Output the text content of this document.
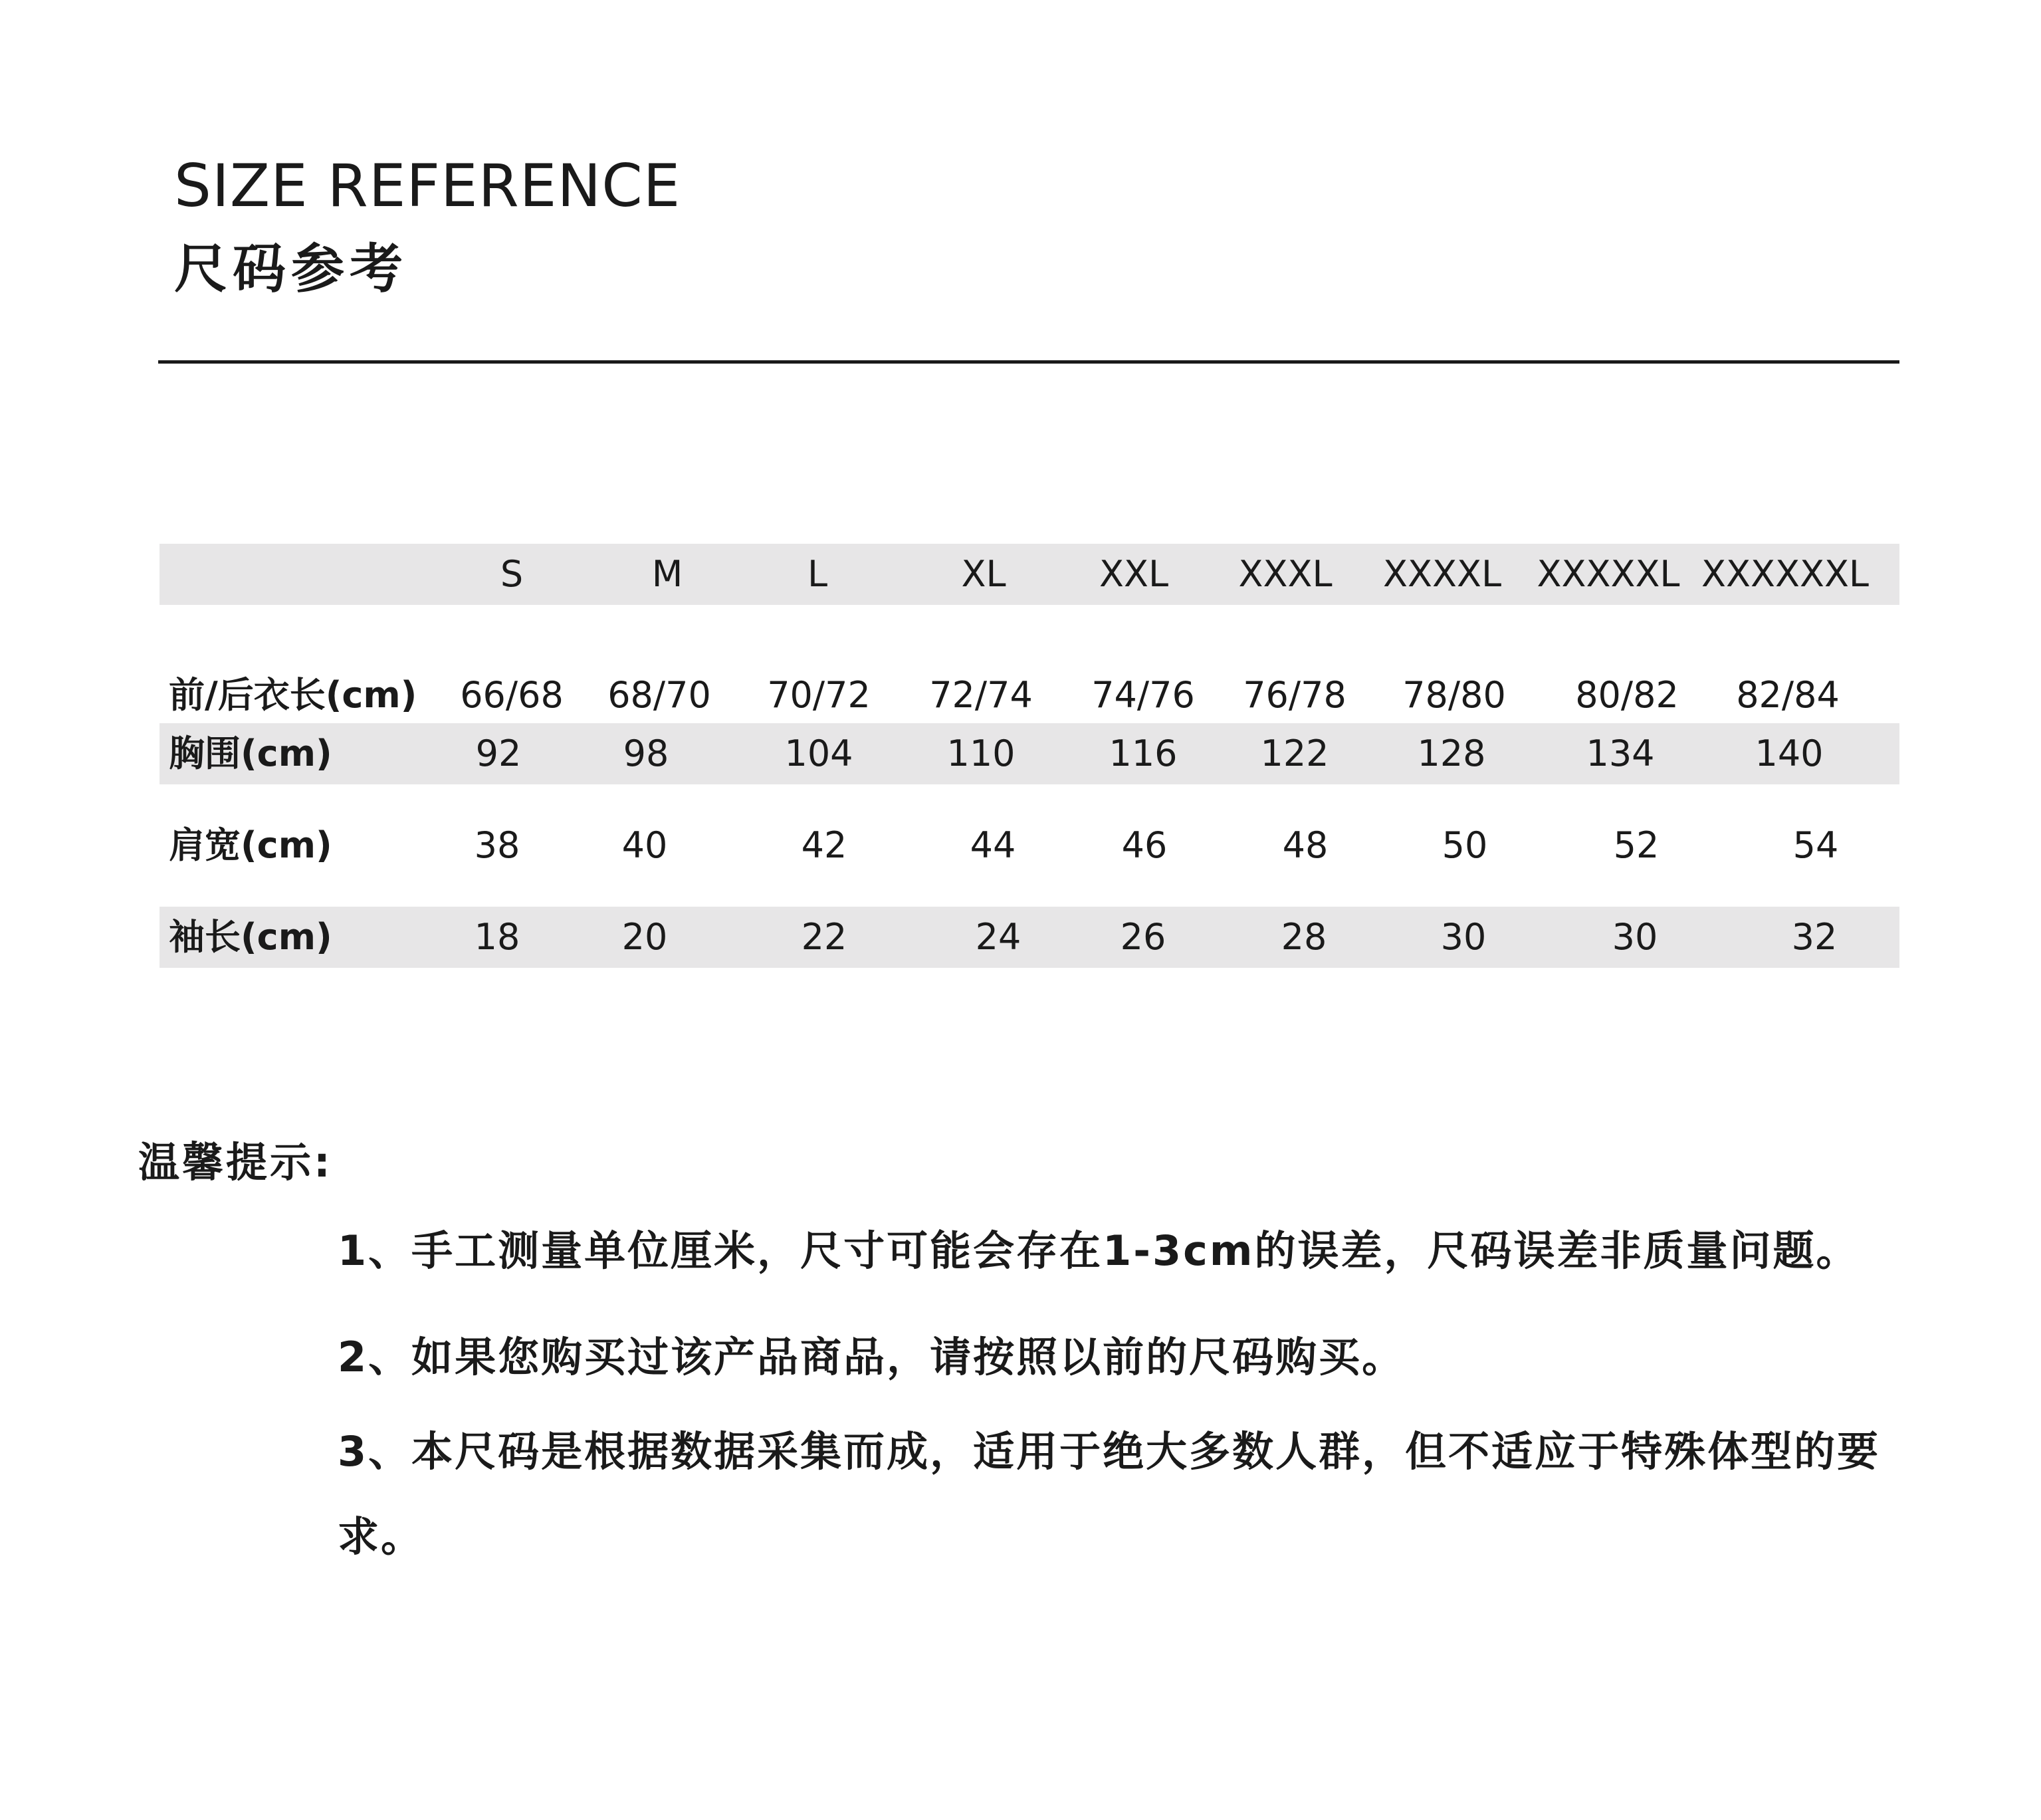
SIZE REFERENCE
尺码参考
S	M	L	XL	XXL XXXL XXXXL XXXXXL XXXXXXL
前/后衣长(cm) 66/68 68/70 70/72 72/74 74/76 76/78 78/80 80/82 82/84
胸围(cm)	92	98	104	110	116 122 128	134	140
肩宽(cm)	38	40	42	44	46	48	50	52	54
袖长(cm)	18	20	22	24	26	28	30	30	32
温馨提示:
1、手工测量单位厘米，尺寸可能会存在1-3cm的误差，尺码误差非质量问题。
2、如果您购买过该产品商品，请按照以前的尺码购买。
3、本尺码是根据数据采集而成，适用于绝大多数人群，但不适应于特殊体型的要求。
